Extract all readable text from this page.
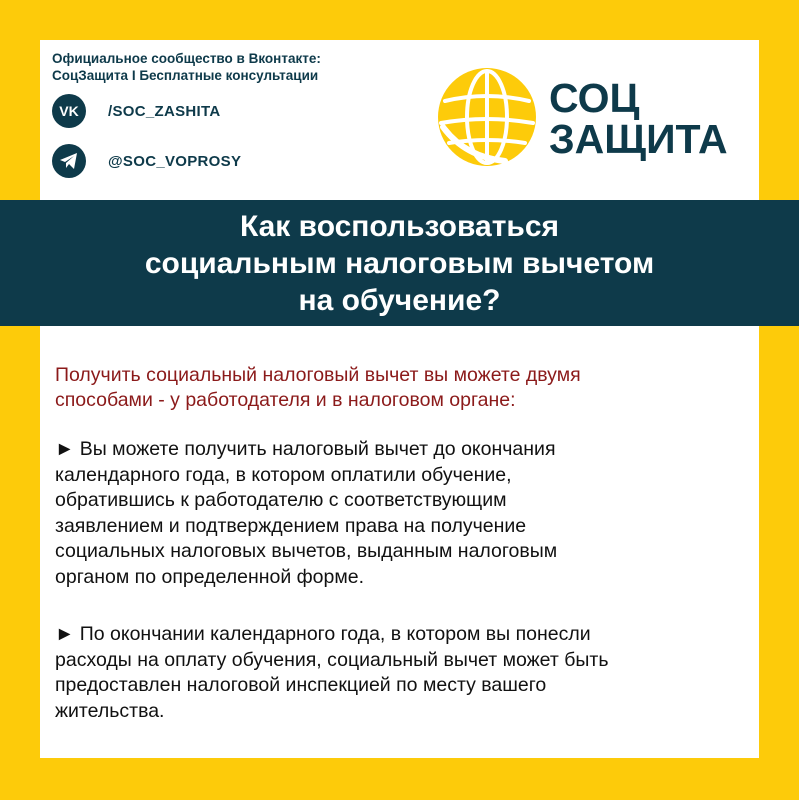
Официальное сообщество в Вконтакте:
СоцЗащита I Бесплатные консультации
VK /SOC_ZASHITA
@SOC_VOPROSY
СОЦ
ЗАЩИТА
Как воспользоваться
социальным налоговым вычетом
на обучение?
Получить социальный налоговый вычет вы можете двумя
способами - у работодателя и в налоговом органе:
► Вы можете получить налоговый вычет до окончания
календарного года, в котором оплатили обучение,
обратившись к работодателю с соответствующим
заявлением и подтверждением права на получение
социальных налоговых вычетов, выданным налоговым
органом по определенной форме.
► По окончании календарного года, в котором вы понесли
расходы на оплату обучения, социальный вычет может быть
предоставлен налоговой инспекцией по месту вашего
жительства.
